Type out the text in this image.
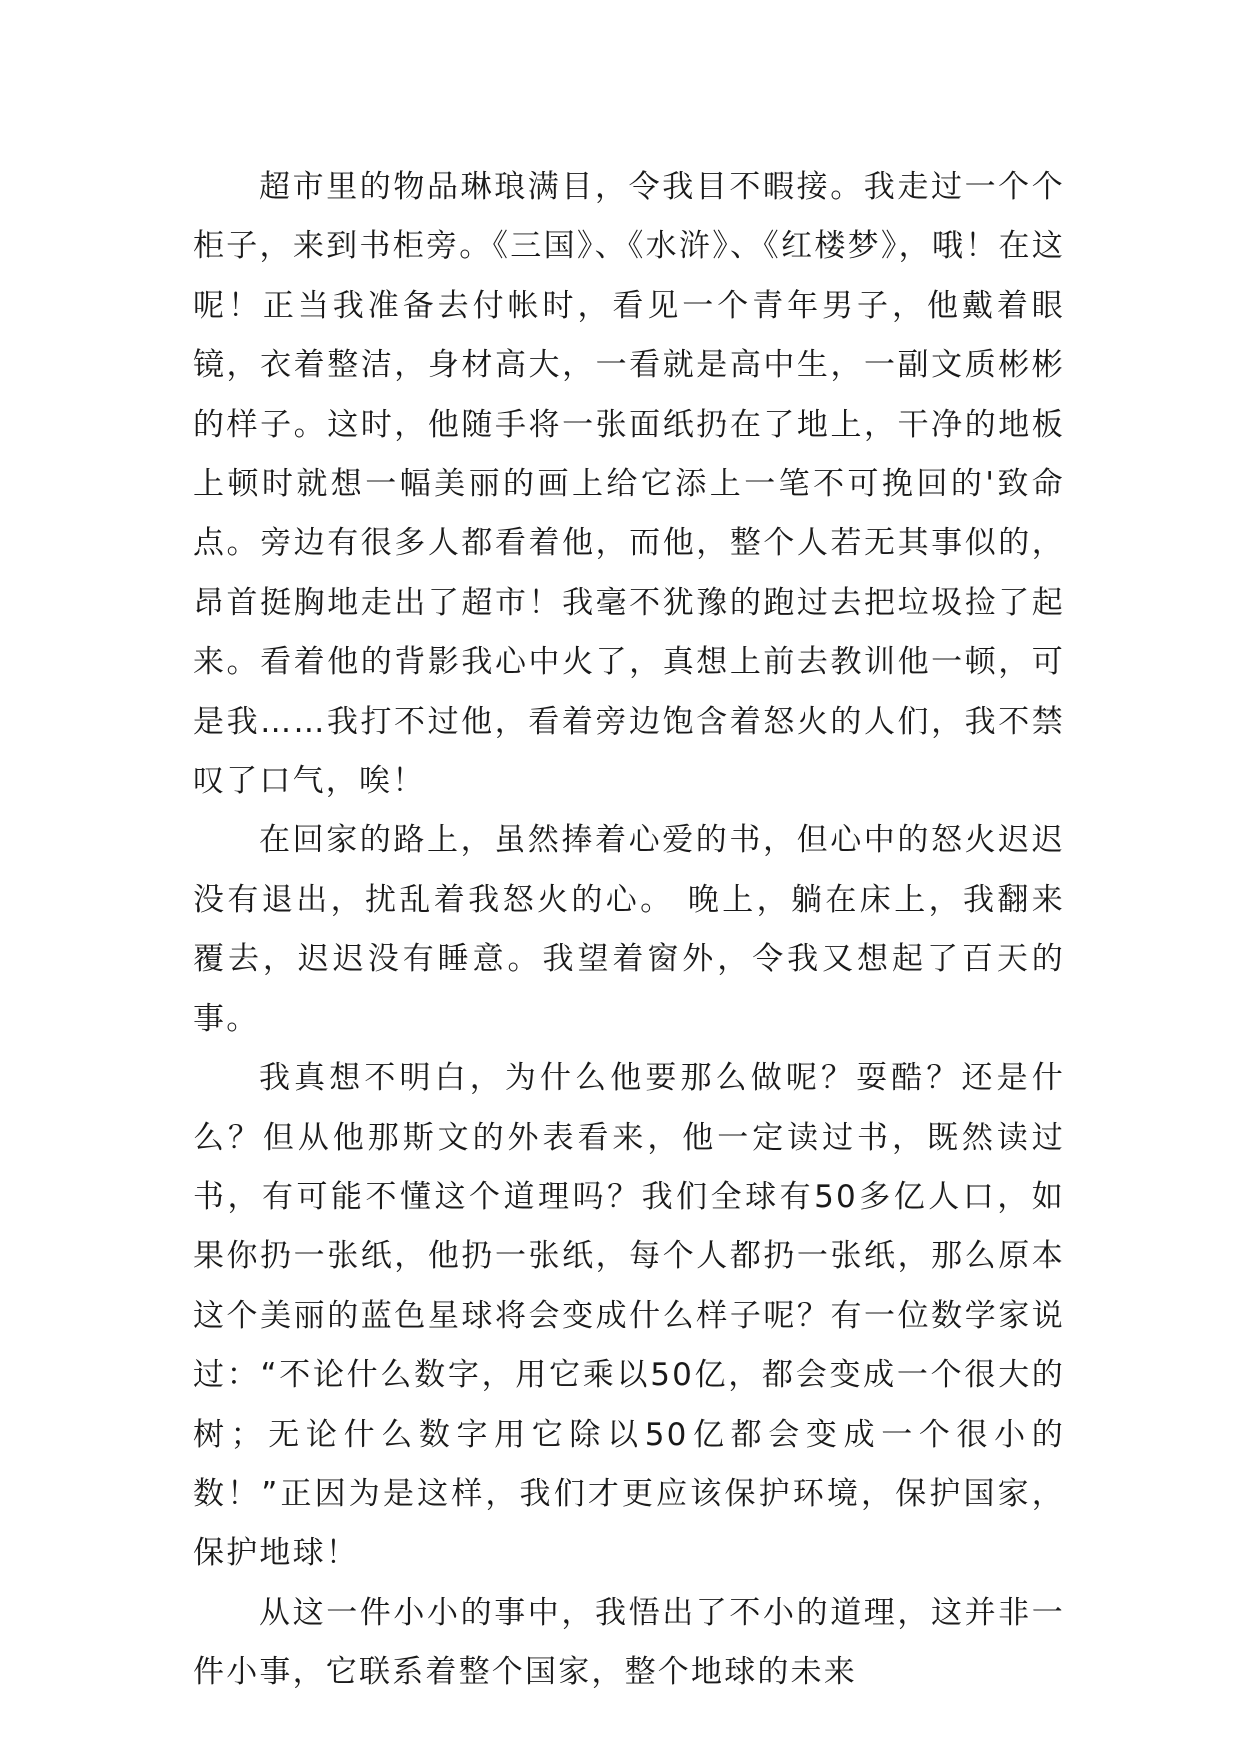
超市里的物品琳琅满目，令我目不暇接。我走过一个个柜子，来到书柜旁。《三国》、《水浒》、《红楼梦》，哦！在这呢！正当我准备去付帐时，看见一个青年男子，他戴着眼镜，衣着整洁，身材高大，一看就是高中生，一副文质彬彬的样子。这时，他随手将一张面纸扔在了地上，干净的地板上顿时就想一幅美丽的画上给它添上一笔不可挽回的'致命点。旁边有很多人都看着他，而他，整个人若无其事似的，昂首挺胸地走出了超市！我毫不犹豫的跑过去把垃圾捡了起来。看着他的背影我心中火了，真想上前去教训他一顿，可是我……我打不过他，看着旁边饱含着怒火的人们，我不禁叹了口气，唉！

在回家的路上，虽然捧着心爱的书，但心中的怒火迟迟没有退出，扰乱着我怒火的心。 晚上，躺在床上，我翻来覆去，迟迟没有睡意。我望着窗外，令我又想起了百天的事。

我真想不明白，为什么他要那么做呢？耍酷？还是什么？但从他那斯文的外表看来，他一定读过书，既然读过书，有可能不懂这个道理吗？我们全球有50多亿人口，如果你扔一张纸，他扔一张纸，每个人都扔一张纸，那么原本这个美丽的蓝色星球将会变成什么样子呢？有一位数学家说过：“不论什么数字，用它乘以50亿，都会变成一个很大的树；无论什么数字用它除以50亿都会变成一个很小的数！”正因为是这样，我们才更应该保护环境，保护国家，保护地球！

从这一件小小的事中，我悟出了不小的道理，这并非一件小事，它联系着整个国家，整个地球的未来
